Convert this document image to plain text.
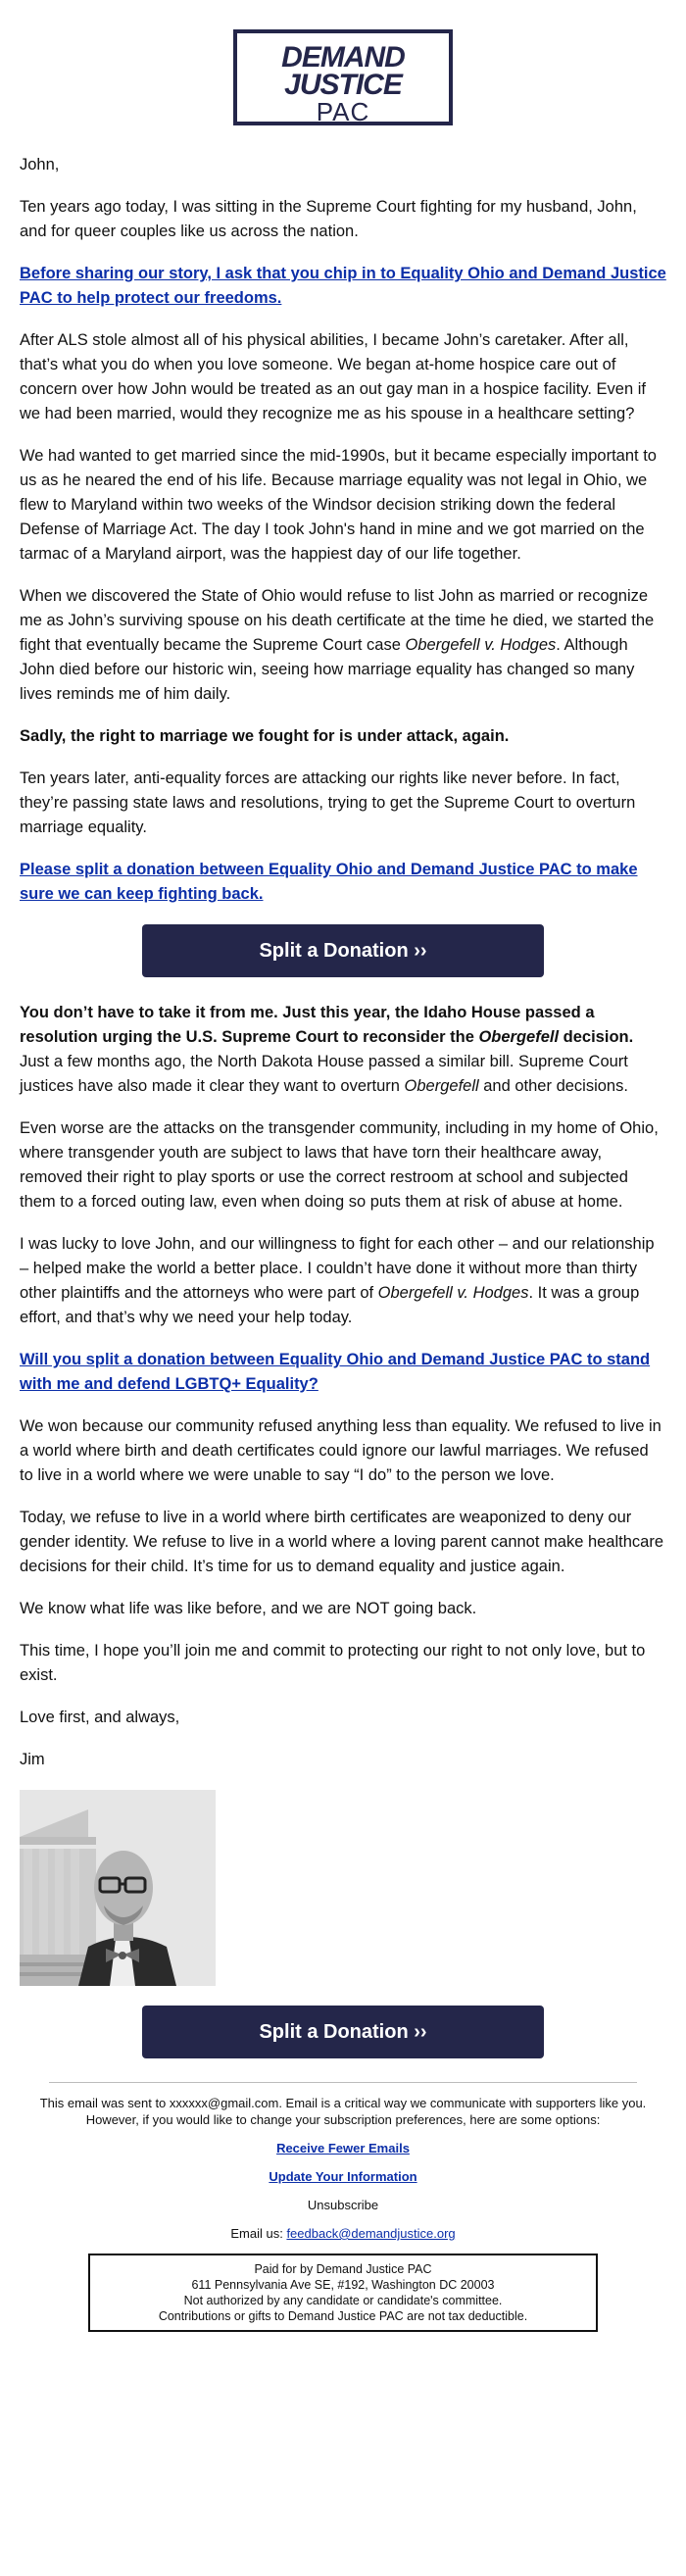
DEMAND
JUSTICE
PAC

John,

Ten years ago today, I was sitting in the Supreme Court fighting for my husband, John, and for queer couples like us across the nation.

Before sharing our story, I ask that you chip in to Equality Ohio and Demand Justice PAC to help protect our freedoms.

After ALS stole almost all of his physical abilities, I became John’s caretaker. After all, that’s what you do when you love someone. We began at-home hospice care out of concern over how John would be treated as an out gay man in a hospice facility. Even if we had been married, would they recognize me as his spouse in a healthcare setting?

We had wanted to get married since the mid-1990s, but it became especially important to us as he neared the end of his life. Because marriage equality was not legal in Ohio, we flew to Maryland within two weeks of the Windsor decision striking down the federal Defense of Marriage Act. The day I took John's hand in mine and we got married on the tarmac of a Maryland airport, was the happiest day of our life together.

When we discovered the State of Ohio would refuse to list John as married or recognize me as John’s surviving spouse on his death certificate at the time he died, we started the fight that eventually became the Supreme Court case Obergefell v. Hodges. Although John died before our historic win, seeing how marriage equality has changed so many lives reminds me of him daily.

Sadly, the right to marriage we fought for is under attack, again.

Ten years later, anti-equality forces are attacking our rights like never before. In fact, they’re passing state laws and resolutions, trying to get the Supreme Court to overturn marriage equality.

Please split a donation between Equality Ohio and Demand Justice PAC to make sure we can keep fighting back.

Split a Donation ››

You don’t have to take it from me. Just this year, the Idaho House passed a resolution urging the U.S. Supreme Court to reconsider the Obergefell decision. Just a few months ago, the North Dakota House passed a similar bill. Supreme Court justices have also made it clear they want to overturn Obergefell and other decisions.

Even worse are the attacks on the transgender community, including in my home of Ohio, where transgender youth are subject to laws that have torn their healthcare away, removed their right to play sports or use the correct restroom at school and subjected them to a forced outing law, even when doing so puts them at risk of abuse at home.

I was lucky to love John, and our willingness to fight for each other – and our relationship – helped make the world a better place. I couldn’t have done it without more than thirty other plaintiffs and the attorneys who were part of Obergefell v. Hodges. It was a group effort, and that’s why we need your help today.

Will you split a donation between Equality Ohio and Demand Justice PAC to stand with me and defend LGBTQ+ Equality?

We won because our community refused anything less than equality. We refused to live in a world where birth and death certificates could ignore our lawful marriages. We refused to live in a world where we were unable to say “I do” to the person we love.

Today, we refuse to live in a world where birth certificates are weaponized to deny our gender identity. We refuse to live in a world where a loving parent cannot make healthcare decisions for their child. It’s time for us to demand equality and justice again.

We know what life was like before, and we are NOT going back.

This time, I hope you’ll join me and commit to protecting our right to not only love, but to exist.

Love first, and always,

Jim

Split a Donation ››

This email was sent to xxxxxx@gmail.com. Email is a critical way we communicate with supporters like you. However, if you would like to change your subscription preferences, here are some options:

Receive Fewer Emails

Update Your Information

Unsubscribe

Email us: feedback@demandjustice.org

Paid for by Demand Justice PAC
611 Pennsylvania Ave SE, #192, Washington DC 20003
Not authorized by any candidate or candidate's committee.
Contributions or gifts to Demand Justice PAC are not tax deductible.
